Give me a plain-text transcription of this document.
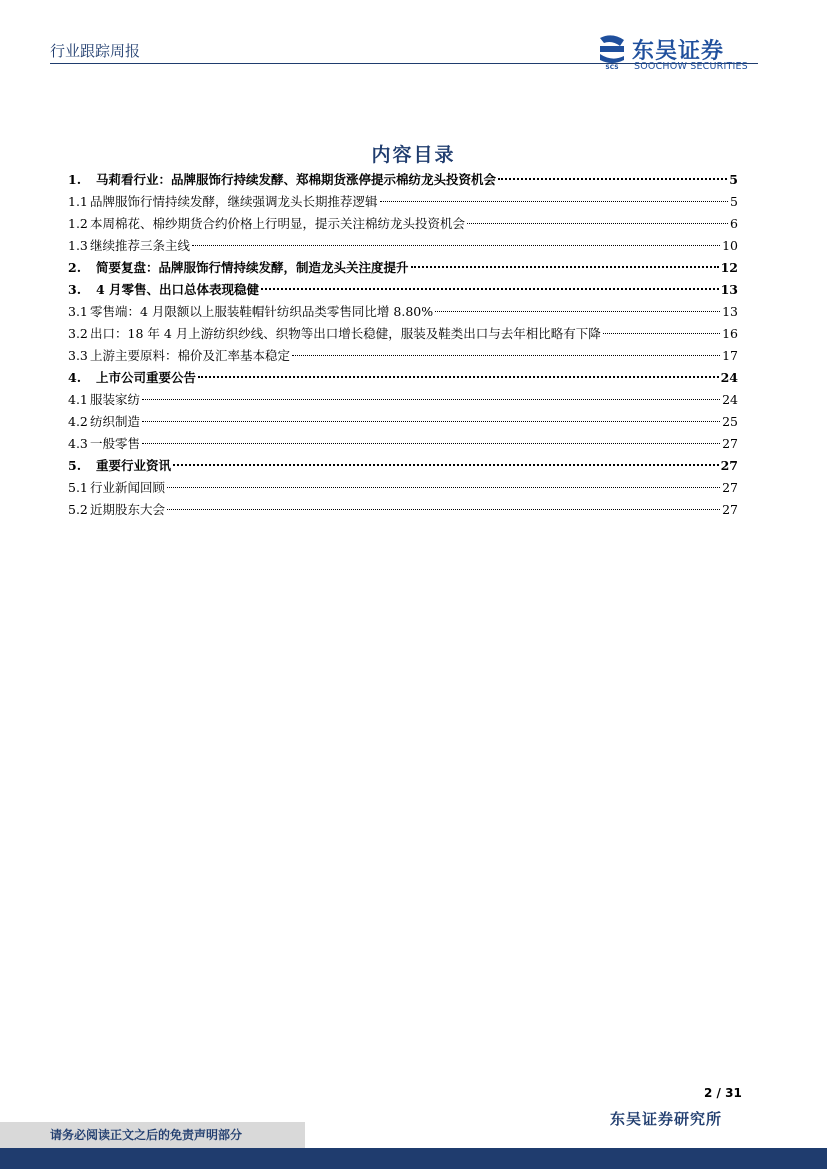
行业跟踪周报
SCS
东吴证券
SOOCHOW SECURITIES
内容目录
1.	马莉看行业：品牌服饰行持续发酵、郑棉期货涨停提示棉纺龙头投资机会	5
1.1 品牌服饰行情持续发酵，继续强调龙头长期推荐逻辑	5
1.2 本周棉花、棉纱期货合约价格上行明显，提示关注棉纺龙头投资机会	6
1.3 继续推荐三条主线	10
2.	简要复盘：品牌服饰行情持续发酵，制造龙头关注度提升	12
3.	4 月零售、出口总体表现稳健	13
3.1 零售端：4 月限额以上服装鞋帽针纺织品类零售同比增 8.80%	13
3.2 出口：18 年 4 月上游纺织纱线、织物等出口增长稳健，服装及鞋类出口与去年相比略有下降	16
3.3 上游主要原料：棉价及汇率基本稳定	17
4.	上市公司重要公告	24
4.1 服装家纺	24
4.2 纺织制造	25
4.3 一般零售	27
5.	重要行业资讯	27
5.1 行业新闻回顾	27
5.2 近期股东大会	27
2 / 31
东吴证券研究所
请务必阅读正文之后的免责声明部分
